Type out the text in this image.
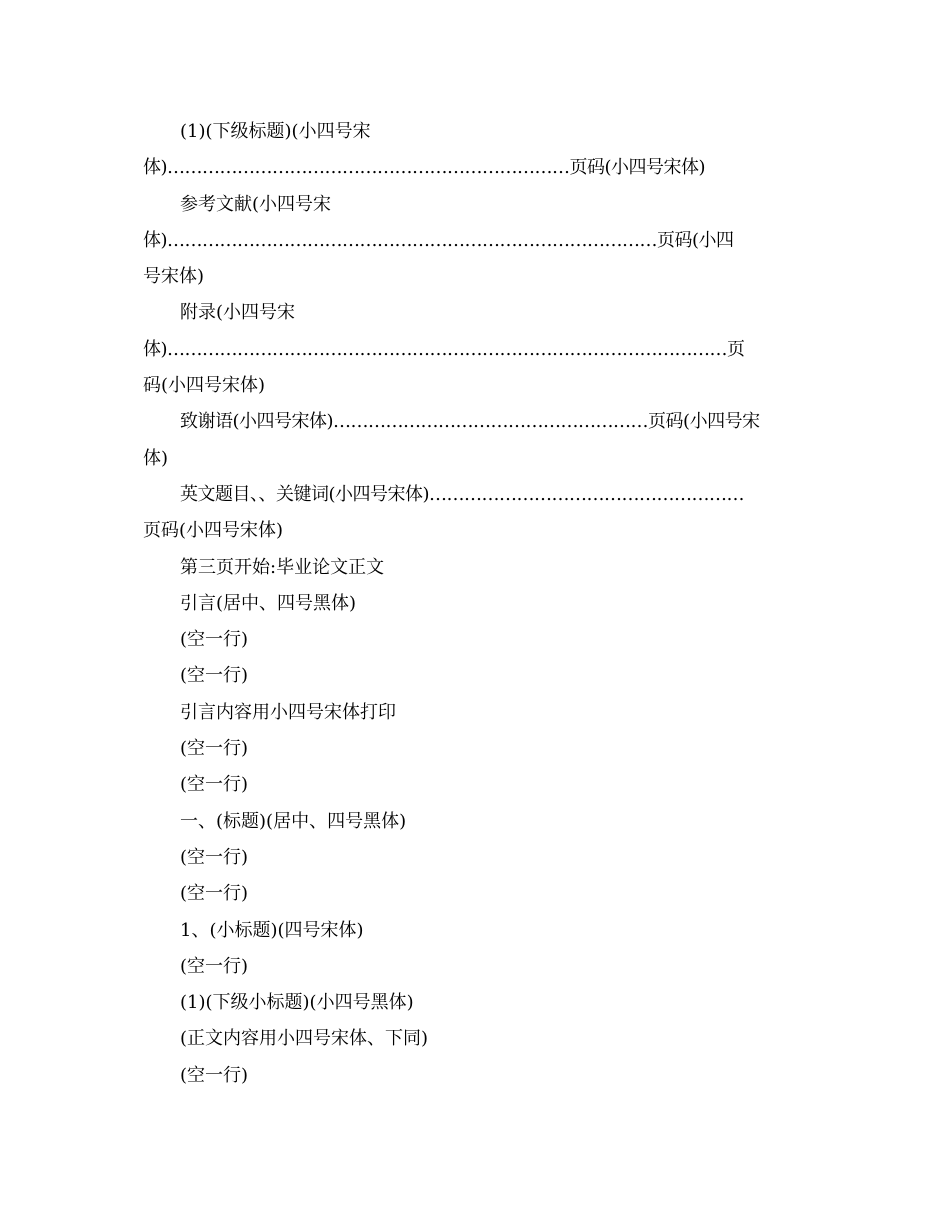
(1)(下级标题)(小四号宋
体)……………………………………………………………页码(小四号宋体)
参考文献(小四号宋
体)…………………………………………………………………………页码(小四
号宋体)
附录(小四号宋
体)……………………………………………………………………………………页
码(小四号宋体)
致谢语(小四号宋体)………………………………………………页码(小四号宋
体)
英文题目、、关键词(小四号宋体)………………………………………………
页码(小四号宋体)
第三页开始:毕业论文正文
引言(居中、四号黑体)
(空一行)
(空一行)
引言内容用小四号宋体打印
(空一行)
(空一行)
一、(标题)(居中、四号黑体)
(空一行)
(空一行)
1、(小标题)(四号宋体)
(空一行)
(1)(下级小标题)(小四号黑体)
(正文内容用小四号宋体、下同)
(空一行)
